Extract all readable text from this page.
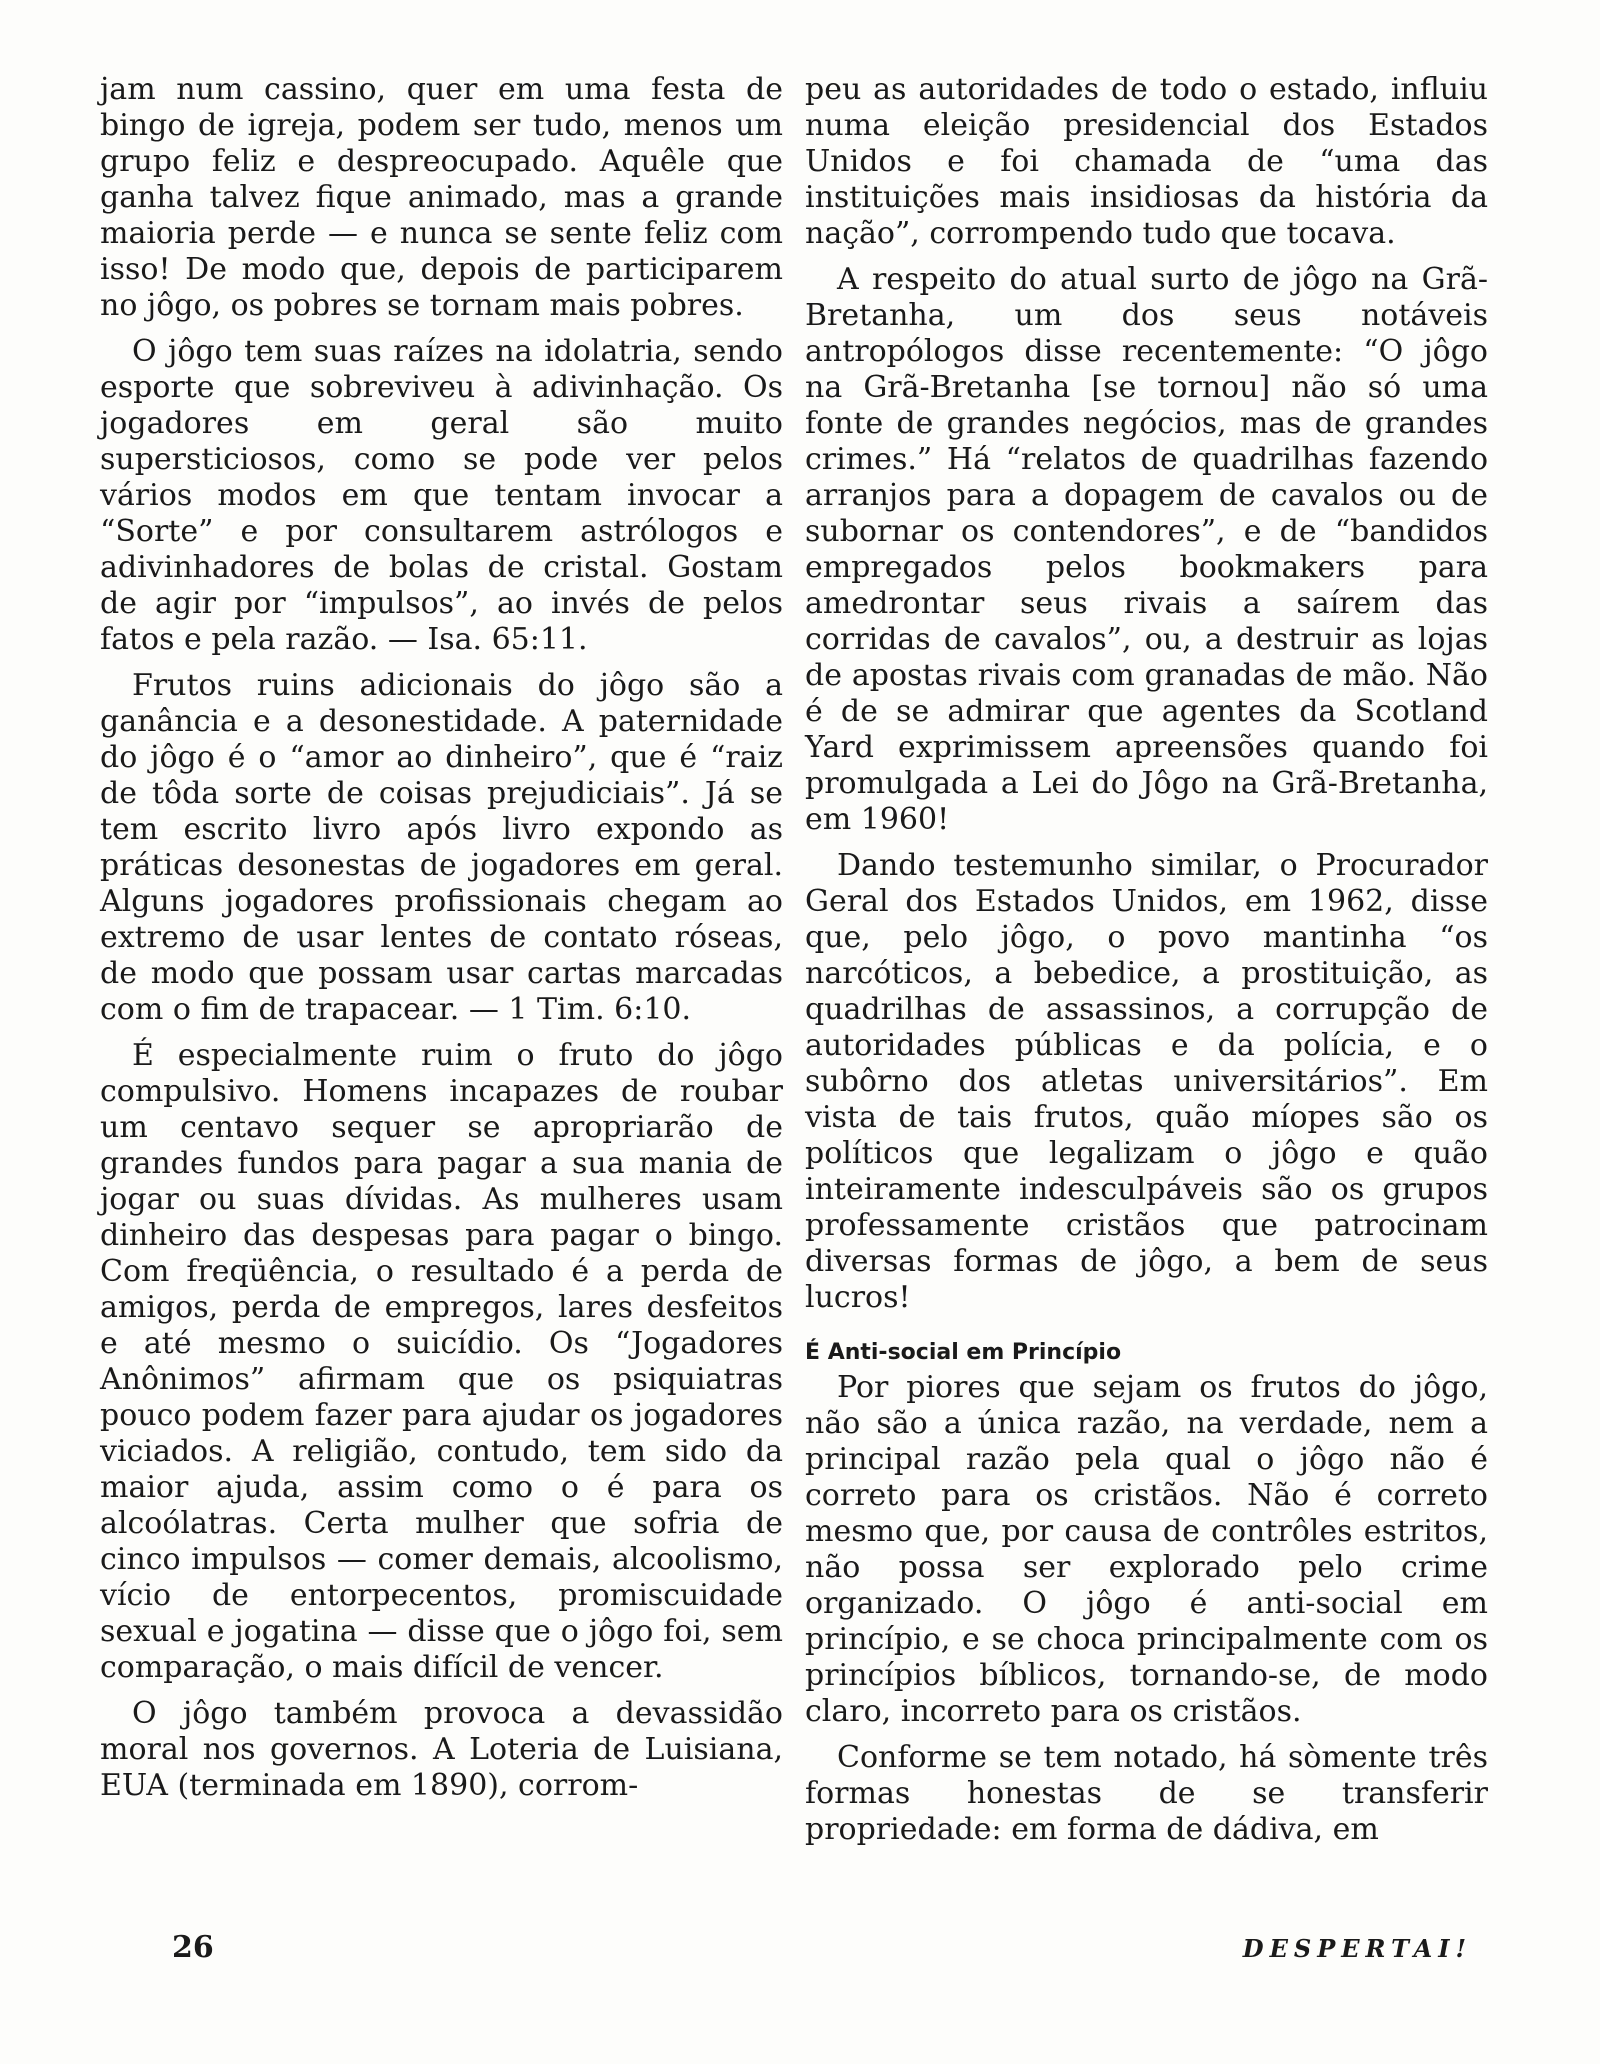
jam num cassino, quer em uma festa de bingo de igreja, podem ser tudo, menos um grupo feliz e despreocupado. Aquêle que ganha talvez fique animado, mas a grande maioria perde — e nunca se sente feliz com isso! De modo que, depois de participarem no jôgo, os pobres se tornam mais pobres.

O jôgo tem suas raízes na idolatria, sendo esporte que sobreviveu à adivinhação. Os jogadores em geral são muito supersticiosos, como se pode ver pelos vários modos em que tentam invocar a “Sorte” e por consultarem astrólogos e adivinhadores de bolas de cristal. Gostam de agir por “impulsos”, ao invés de pelos fatos e pela razão. — Isa. 65:11.

Frutos ruins adicionais do jôgo são a ganância e a desonestidade. A paternidade do jôgo é o “amor ao dinheiro”, que é “raiz de tôda sorte de coisas prejudiciais”. Já se tem escrito livro após livro expondo as práticas desonestas de jogadores em geral. Alguns jogadores profissionais chegam ao extremo de usar lentes de contato róseas, de modo que possam usar cartas marcadas com o fim de trapacear. — 1 Tim. 6:10.

É especialmente ruim o fruto do jôgo compulsivo. Homens incapazes de roubar um centavo sequer se apropriarão de grandes fundos para pagar a sua mania de jogar ou suas dívidas. As mulheres usam dinheiro das despesas para pagar o bingo. Com freqüência, o resultado é a perda de amigos, perda de empregos, lares desfeitos e até mesmo o suicídio. Os “Jogadores Anônimos” afirmam que os psiquiatras pouco podem fazer para ajudar os jogadores viciados. A religião, contudo, tem sido da maior ajuda, assim como o é para os alcoólatras. Certa mulher que sofria de cinco impulsos — comer demais, alcoolismo, vício de entorpecentos, promiscuidade sexual e jogatina — disse que o jôgo foi, sem comparação, o mais difícil de vencer.

O jôgo também provoca a devassidão moral nos governos. A Loteria de Luisiana, EUA (terminada em 1890), corrom-

peu as autoridades de todo o estado, influiu numa eleição presidencial dos Estados Unidos e foi chamada de “uma das instituições mais insidiosas da história da nação”, corrompendo tudo que tocava.

A respeito do atual surto de jôgo na Grã-Bretanha, um dos seus notáveis antropólogos disse recentemente: “O jôgo na Grã-Bretanha [se tornou] não só uma fonte de grandes negócios, mas de grandes crimes.” Há “relatos de quadrilhas fazendo arranjos para a dopagem de cavalos ou de subornar os contendores”, e de “bandidos empregados pelos bookmakers para amedrontar seus rivais a saírem das corridas de cavalos”, ou, a destruir as lojas de apostas rivais com granadas de mão. Não é de se admirar que agentes da Scotland Yard exprimissem apreensões quando foi promulgada a Lei do Jôgo na Grã-Bretanha, em 1960!

Dando testemunho similar, o Procurador Geral dos Estados Unidos, em 1962, disse que, pelo jôgo, o povo mantinha “os narcóticos, a bebedice, a prostituição, as quadrilhas de assassinos, a corrupção de autoridades públicas e da polícia, e o subôrno dos atletas universitários”. Em vista de tais frutos, quão míopes são os políticos que legalizam o jôgo e quão inteiramente indesculpáveis são os grupos professamente cristãos que patrocinam diversas formas de jôgo, a bem de seus lucros!

É Anti-social em Princípio

Por piores que sejam os frutos do jôgo, não são a única razão, na verdade, nem a principal razão pela qual o jôgo não é correto para os cristãos. Não é correto mesmo que, por causa de contrôles estritos, não possa ser explorado pelo crime organizado. O jôgo é anti-social em princípio, e se choca principalmente com os princípios bíblicos, tornando-se, de modo claro, incorreto para os cristãos.

Conforme se tem notado, há sòmente três formas honestas de se transferir propriedade: em forma de dádiva, em

26	DESPERTAI!
